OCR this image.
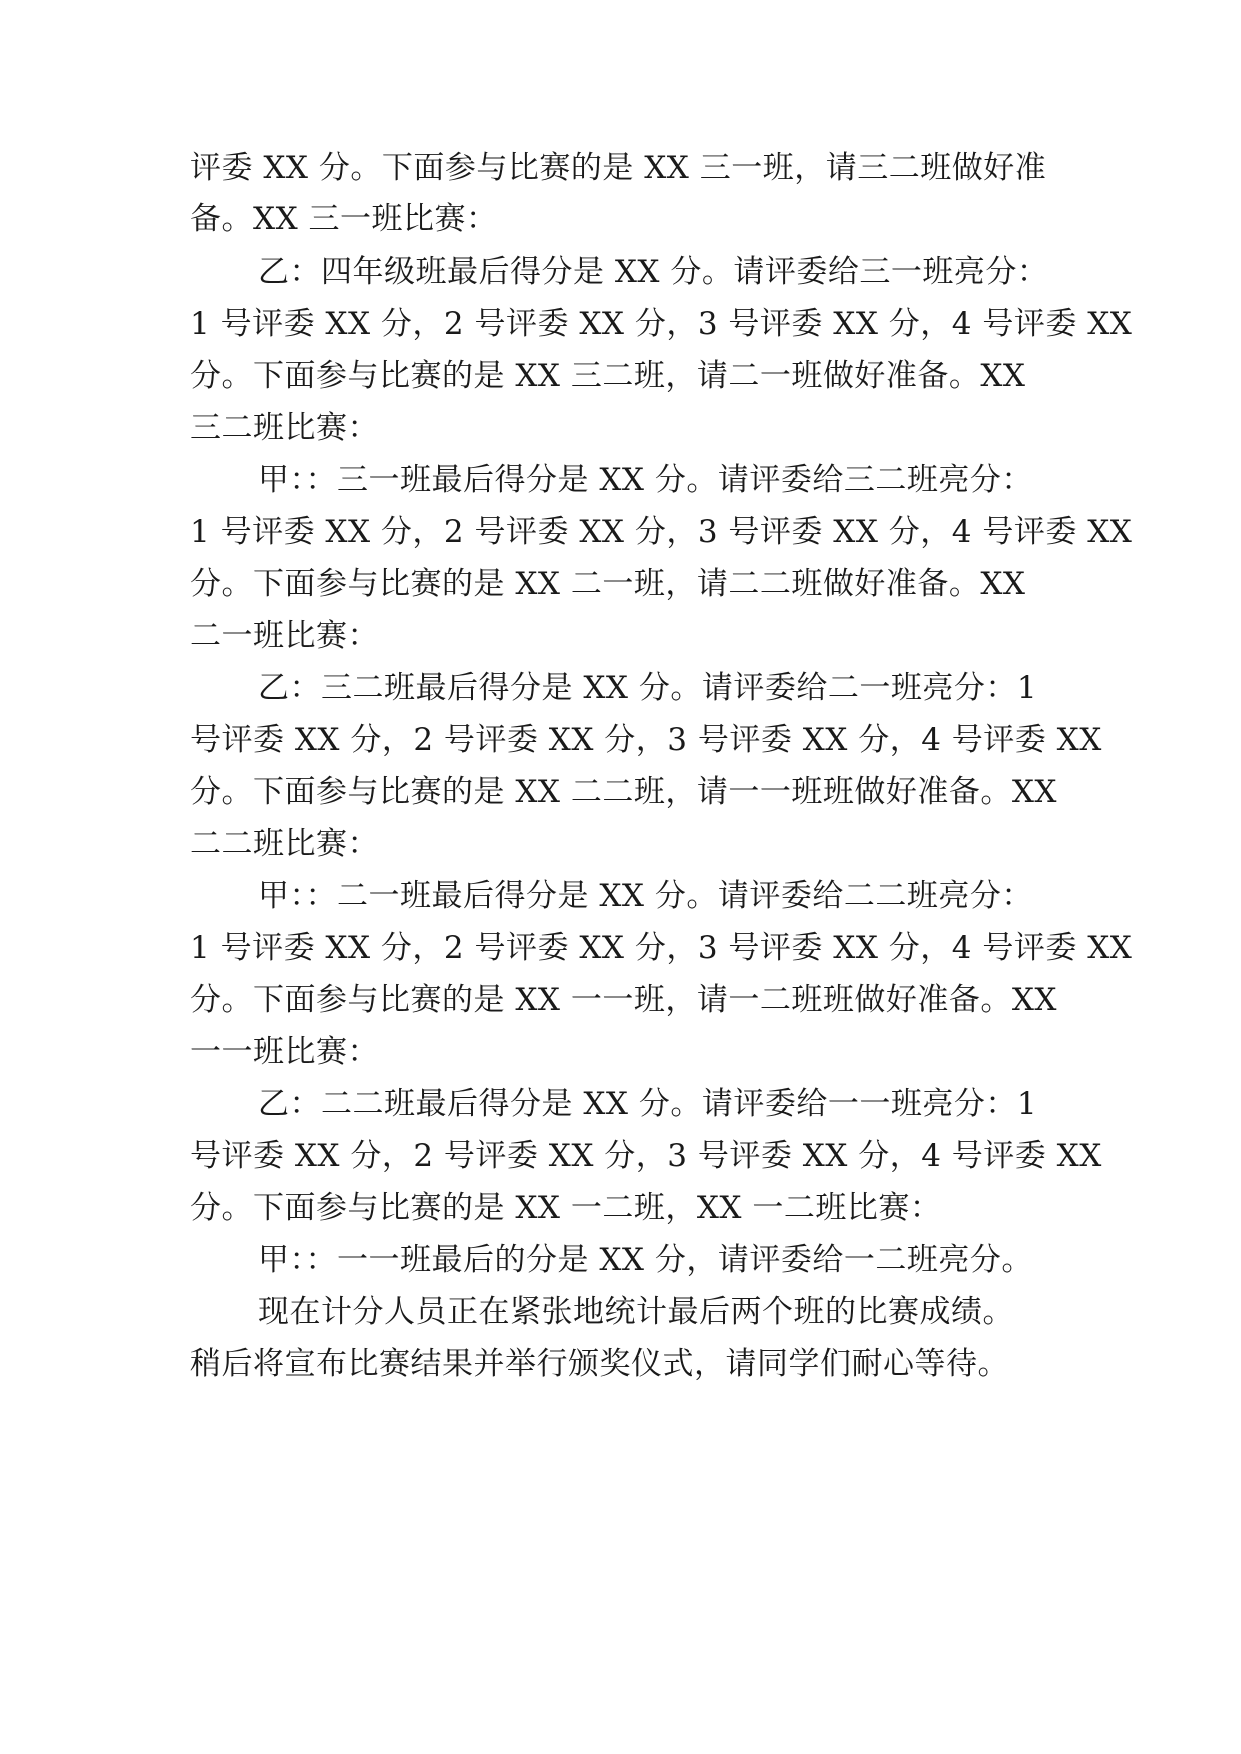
评委 XX 分。下面参与比赛的是 XX 三一班，请三二班做好准
备。XX 三一班比赛：
乙：四年级班最后得分是 XX 分。请评委给三一班亮分：
1 号评委 XX 分，2 号评委 XX 分，3 号评委 XX 分，4 号评委 XX
分。下面参与比赛的是 XX 三二班，请二一班做好准备。XX
三二班比赛：
甲：：三一班最后得分是 XX 分。请评委给三二班亮分：
1 号评委 XX 分，2 号评委 XX 分，3 号评委 XX 分，4 号评委 XX
分。下面参与比赛的是 XX 二一班，请二二班做好准备。XX
二一班比赛：
乙：三二班最后得分是 XX 分。请评委给二一班亮分：1
号评委 XX 分，2 号评委 XX 分，3 号评委 XX 分，4 号评委 XX
分。下面参与比赛的是 XX 二二班，请一一班班做好准备。XX
二二班比赛：
甲：：二一班最后得分是 XX 分。请评委给二二班亮分：
1 号评委 XX 分，2 号评委 XX 分，3 号评委 XX 分，4 号评委 XX
分。下面参与比赛的是 XX 一一班，请一二班班做好准备。XX
一一班比赛：
乙：二二班最后得分是 XX 分。请评委给一一班亮分：1
号评委 XX 分，2 号评委 XX 分，3 号评委 XX 分，4 号评委 XX
分。下面参与比赛的是 XX 一二班，XX 一二班比赛：
甲：：一一班最后的分是 XX 分，请评委给一二班亮分。
现在计分人员正在紧张地统计最后两个班的比赛成绩。
稍后将宣布比赛结果并举行颁奖仪式，请同学们耐心等待。
